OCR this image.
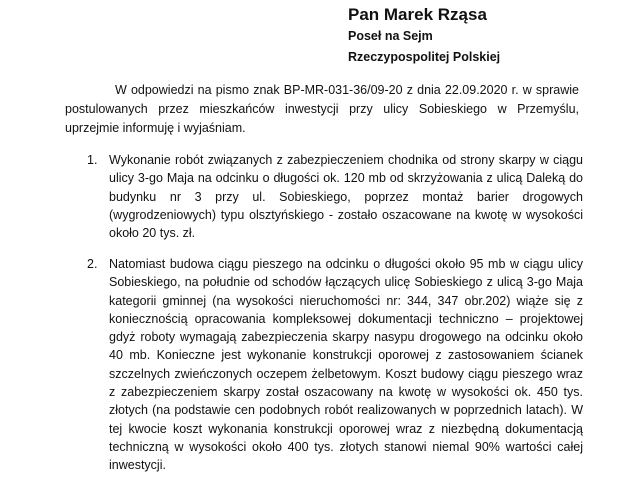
Pan Marek Rząsa

Poseł na Sejm

Rzeczypospolitej Polskiej

W odpowiedzi na pismo znak BP-MR-031-36/09-20 z dnia 22.09.2020 r. w sprawie postulowanych przez mieszkańców inwestycji przy ulicy Sobieskiego w Przemyślu, uprzejmie informuję i wyjaśniam.

1. Wykonanie robót związanych z zabezpieczeniem chodnika od strony skarpy w ciągu ulicy 3-go Maja na odcinku o długości ok. 120 mb od skrzyżowania z ulicą Daleką do budynku nr 3 przy ul. Sobieskiego, poprzez montaż barier drogowych (wygrodzeniowych) typu olsztyńskiego - zostało oszacowane na kwotę w wysokości około 20 tys. zł.
2. Natomiast budowa ciągu pieszego na odcinku o długości około 95 mb w ciągu ulicy Sobieskiego, na południe od schodów łączących ulicę Sobieskiego z ulicą 3-go Maja kategorii gminnej (na wysokości nieruchomości nr: 344, 347 obr.202) wiąże się z koniecznością opracowania kompleksowej dokumentacji techniczno – projektowej gdyż roboty wymagają zabezpieczenia skarpy nasypu drogowego na odcinku około 40 mb. Konieczne jest wykonanie konstrukcji oporowej z zastosowaniem ścianek szczelnych zwieńczonych oczepem żelbetowym. Koszt budowy ciągu pieszego wraz z zabezpieczeniem skarpy został oszacowany na kwotę w wysokości ok. 450 tys. złotych (na podstawie cen podobnych robót realizowanych w poprzednich latach). W tej kwocie koszt wykonania konstrukcji oporowej wraz z niezbędną dokumentacją techniczną w wysokości około 400 tys. złotych stanowi niemal 90% wartości całej inwestycji.
